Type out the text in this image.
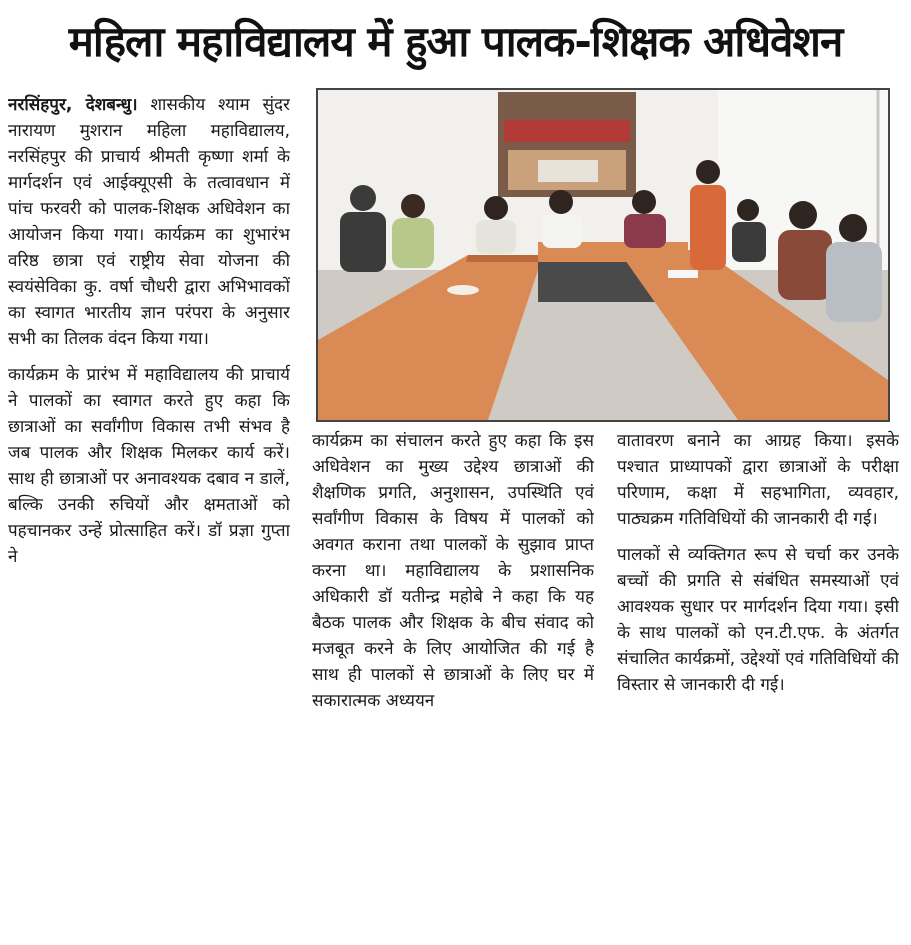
महिला महाविद्यालय में हुआ पालक-शिक्षक अधिवेशन

नरसिंहपुर, देशबन्धु। शासकीय श्याम सुंदर नारायण मुशरान महिला महाविद्यालय, नरसिंहपुर की प्राचार्य श्रीमती कृष्णा शर्मा के मार्गदर्शन एवं आईक्यूएसी के तत्वावधान में पांच फरवरी को पालक-शिक्षक अधिवेशन का आयोजन किया गया। कार्यक्रम का शुभारंभ वरिष्ठ छात्रा एवं राष्ट्रीय सेवा योजना की स्वयंसेविका कु. वर्षा चौधरी द्वारा अभिभावकों का स्वागत भारतीय ज्ञान परंपरा के अनुसार सभी का तिलक वंदन किया गया।

कार्यक्रम के प्रारंभ में महाविद्यालय की प्राचार्य ने पालकों का स्वागत करते हुए कहा कि छात्राओं का सर्वांगीण विकास तभी संभव है जब पालक और शिक्षक मिलकर कार्य करें। साथ ही छात्राओं पर अनावश्यक दबाव न डालें, बल्कि उनकी रुचियों और क्षमताओं को पहचानकर उन्हें प्रोत्साहित करें। डॉ प्रज्ञा गुप्ता ने

कार्यक्रम का संचालन करते हुए कहा कि इस अधिवेशन का मुख्य उद्देश्य छात्राओं की शैक्षणिक प्रगति, अनुशासन, उपस्थिति एवं सर्वांगीण विकास के विषय में पालकों को अवगत कराना तथा पालकों के सुझाव प्राप्त करना था। महाविद्यालय के प्रशासनिक अधिकारी डॉ यतीन्द्र महोबे ने कहा कि यह बैठक पालक और शिक्षक के बीच संवाद को मजबूत करने के लिए आयोजित की गई है साथ ही पालकों से छात्राओं के लिए घर में सकारात्मक अध्ययन

वातावरण बनाने का आग्रह किया। इसके पश्चात प्राध्यापकों द्वारा छात्राओं के परीक्षा परिणाम, कक्षा में सहभागिता, व्यवहार, पाठ्यक्रम गतिविधियों की जानकारी दी गई।

पालकों से व्यक्तिगत रूप से चर्चा कर उनके बच्चों की प्रगति से संबंधित समस्याओं एवं आवश्यक सुधार पर मार्गदर्शन दिया गया। इसी के साथ पालकों को एन.टी.एफ. के अंतर्गत संचालित कार्यक्रमों, उद्देश्यों एवं गतिविधियों की विस्तार से जानकारी दी गई।
